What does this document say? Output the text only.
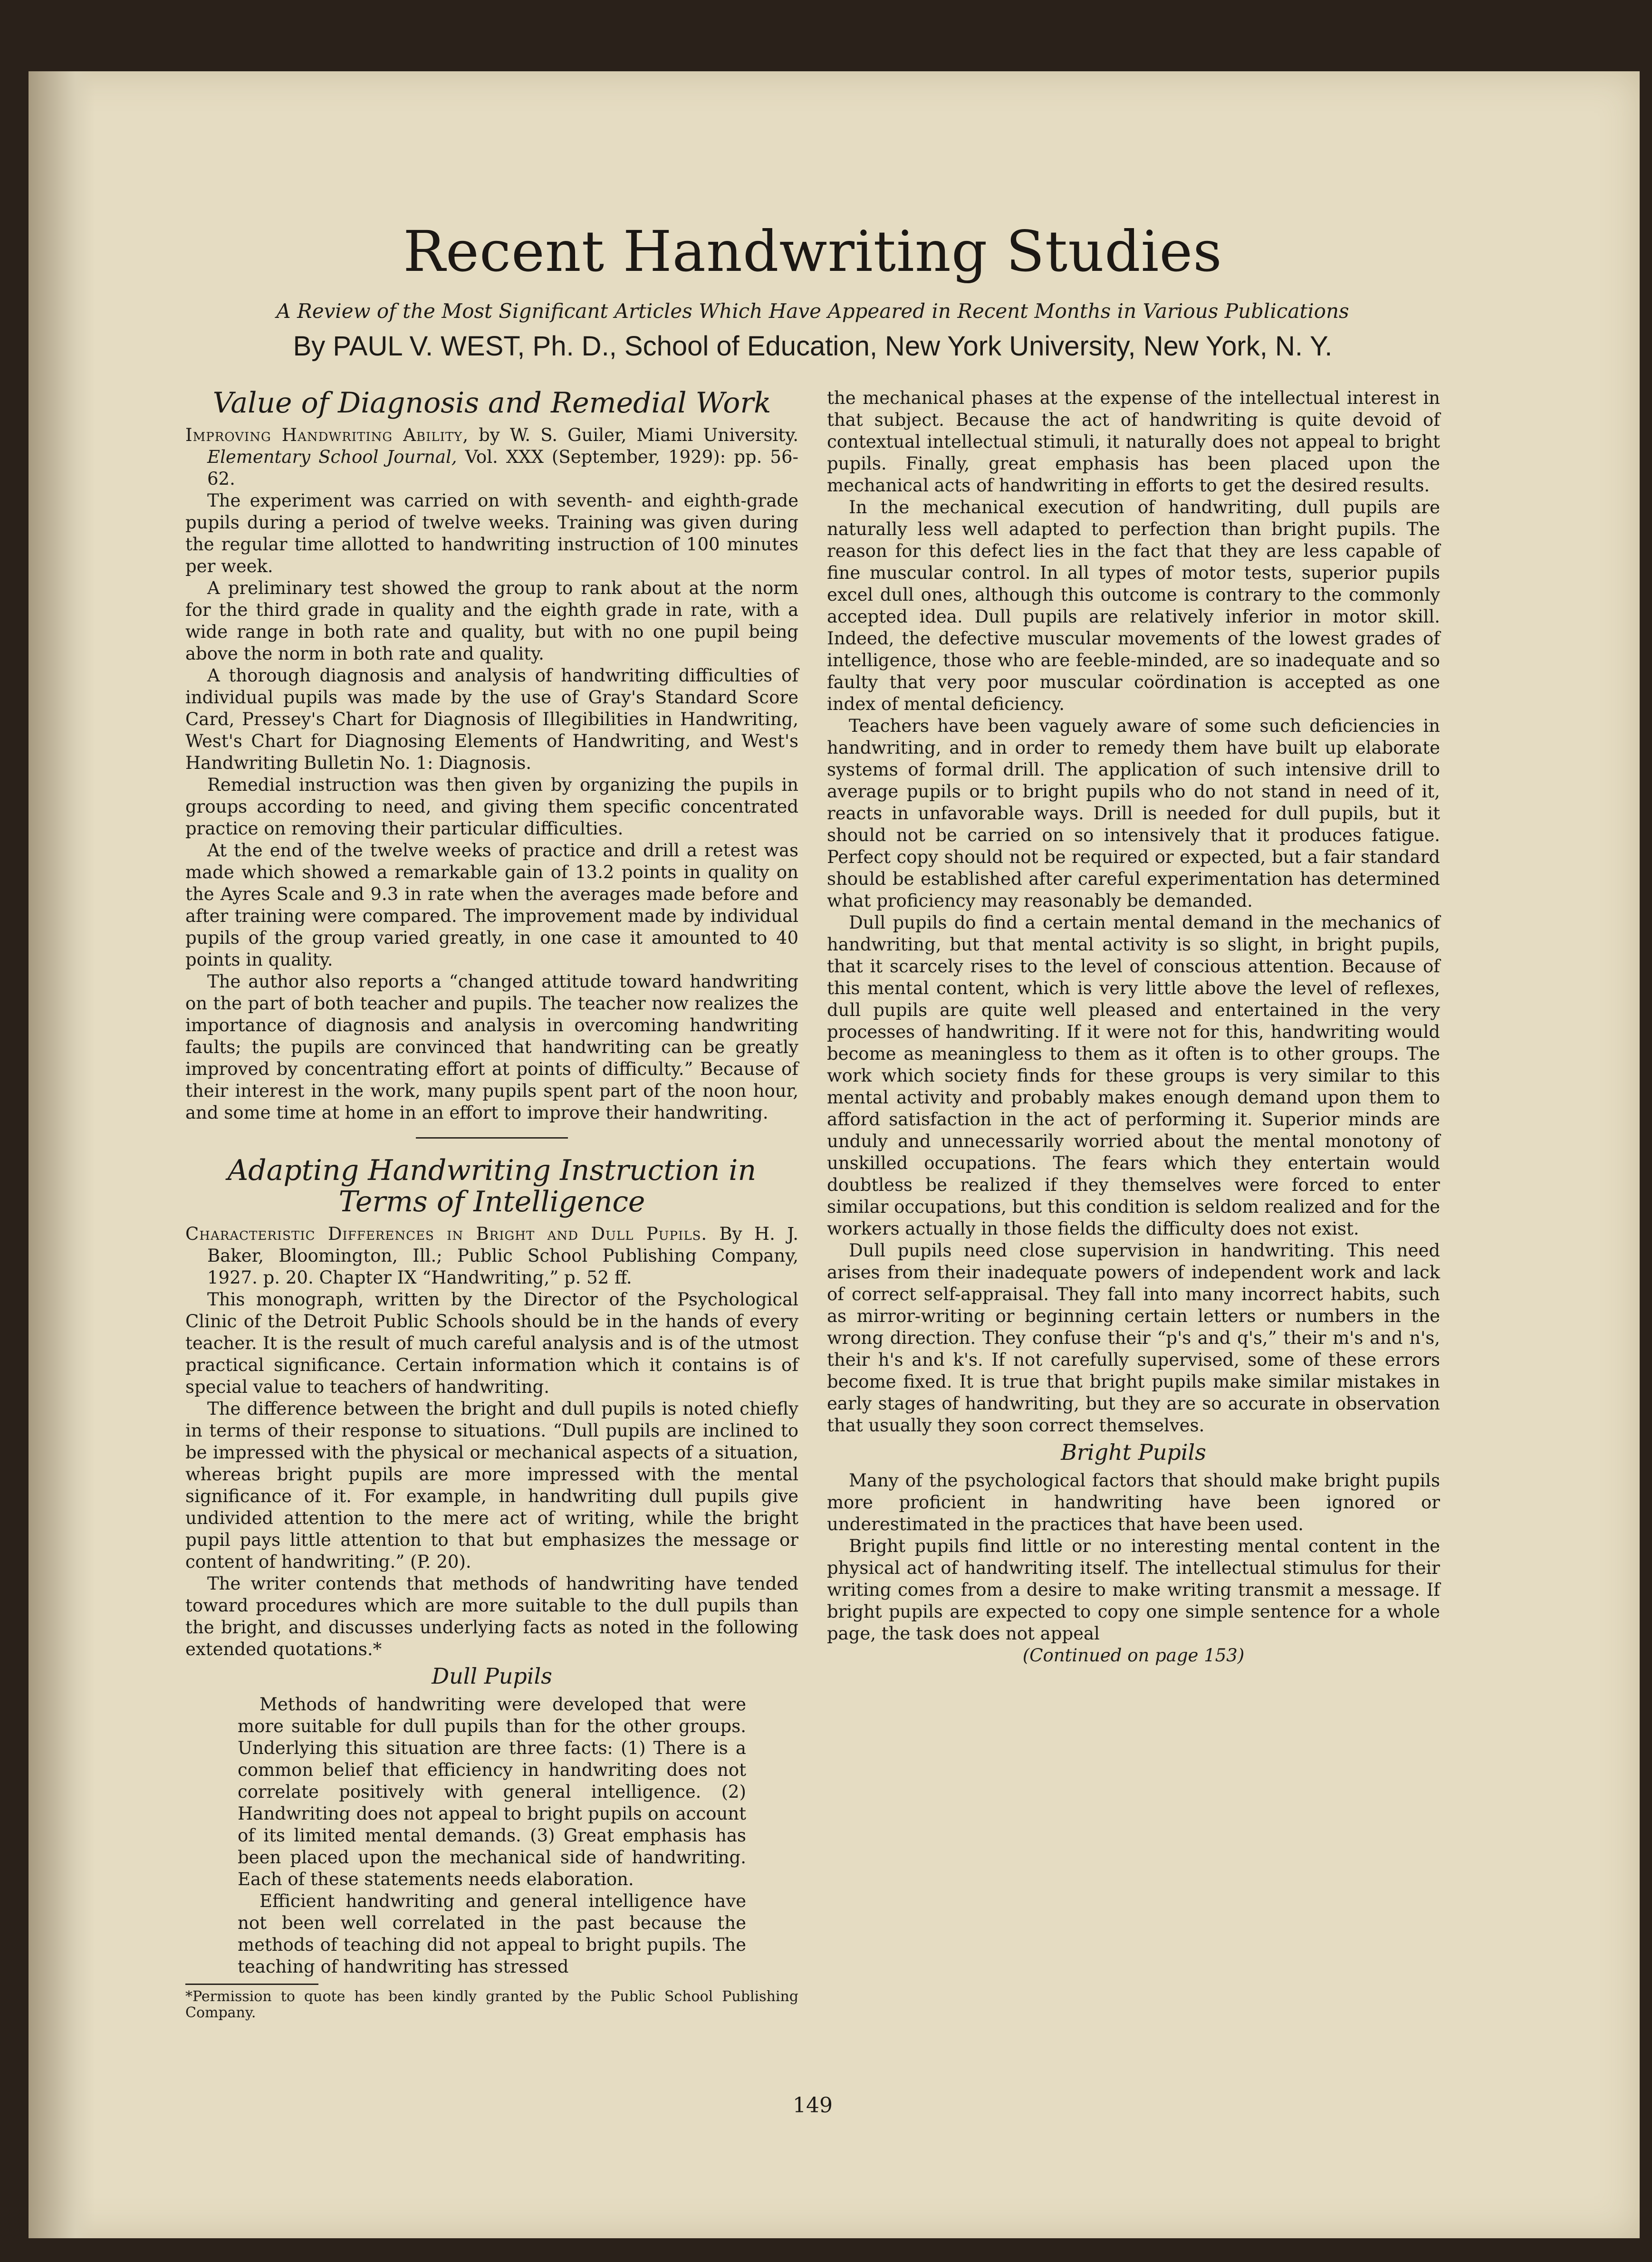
Recent Handwriting Studies

A Review of the Most Significant Articles Which Have Appeared in Recent Months in Various Publications

By PAUL V. WEST, Ph. D., School of Education, New York University, New York, N. Y.

Value of Diagnosis and Remedial Work

Improving Handwriting Ability, by W. S. Guiler, Miami University. Elementary School Journal, Vol. XXX (September, 1929): pp. 56-62.

The experiment was carried on with seventh- and eighth-grade pupils during a period of twelve weeks. Training was given during the regular time allotted to handwriting instruction of 100 minutes per week.

A preliminary test showed the group to rank about at the norm for the third grade in quality and the eighth grade in rate, with a wide range in both rate and quality, but with no one pupil being above the norm in both rate and quality.

A thorough diagnosis and analysis of handwriting difficulties of individual pupils was made by the use of Gray's Standard Score Card, Pressey's Chart for Diagnosis of Illegibilities in Handwriting, West's Chart for Diagnosing Elements of Handwriting, and West's Handwriting Bulletin No. 1: Diagnosis.

Remedial instruction was then given by organizing the pupils in groups according to need, and giving them specific concentrated practice on removing their particular difficulties.

At the end of the twelve weeks of practice and drill a retest was made which showed a remarkable gain of 13.2 points in quality on the Ayres Scale and 9.3 in rate when the averages made before and after training were compared. The improvement made by individual pupils of the group varied greatly, in one case it amounted to 40 points in quality.

The author also reports a “changed attitude toward handwriting on the part of both teacher and pupils. The teacher now realizes the importance of diagnosis and analysis in overcoming handwriting faults; the pupils are convinced that handwriting can be greatly improved by concentrating effort at points of difficulty.” Because of their interest in the work, many pupils spent part of the noon hour, and some time at home in an effort to improve their handwriting.

Adapting Handwriting Instruction in Terms of Intelligence

Characteristic Differences in Bright and Dull Pupils. By H. J. Baker, Bloomington, Ill.; Public School Publishing Company, 1927. p. 20. Chapter IX “Handwriting,” p. 52 ff.

This monograph, written by the Director of the Psychological Clinic of the Detroit Public Schools should be in the hands of every teacher. It is the result of much careful analysis and is of the utmost practical significance. Certain information which it contains is of special value to teachers of handwriting.

The difference between the bright and dull pupils is noted chiefly in terms of their response to situations. “Dull pupils are inclined to be impressed with the physical or mechanical aspects of a situation, whereas bright pupils are more impressed with the mental significance of it. For example, in handwriting dull pupils give undivided attention to the mere act of writing, while the bright pupil pays little attention to that but emphasizes the message or content of handwriting.” (P. 20).

The writer contends that methods of handwriting have tended toward procedures which are more suitable to the dull pupils than the bright, and discusses underlying facts as noted in the following extended quotations.*

Dull Pupils

Methods of handwriting were developed that were more suitable for dull pupils than for the other groups. Underlying this situation are three facts: (1) There is a common belief that efficiency in handwriting does not correlate positively with general intelligence. (2) Handwriting does not appeal to bright pupils on account of its limited mental demands. (3) Great emphasis has been placed upon the mechanical side of handwriting. Each of these statements needs elaboration.

Efficient handwriting and general intelligence have not been well correlated in the past because the methods of teaching did not appeal to bright pupils. The teaching of handwriting has stressed

*Permission to quote has been kindly granted by the Public School Publishing Company.

the mechanical phases at the expense of the intellectual interest in that subject. Because the act of handwriting is quite devoid of contextual intellectual stimuli, it naturally does not appeal to bright pupils. Finally, great emphasis has been placed upon the mechanical acts of handwriting in efforts to get the desired results.

In the mechanical execution of handwriting, dull pupils are naturally less well adapted to perfection than bright pupils. The reason for this defect lies in the fact that they are less capable of fine muscular control. In all types of motor tests, superior pupils excel dull ones, although this outcome is contrary to the commonly accepted idea. Dull pupils are relatively inferior in motor skill. Indeed, the defective muscular movements of the lowest grades of intelligence, those who are feeble-minded, are so inadequate and so faulty that very poor muscular coördination is accepted as one index of mental deficiency.

Teachers have been vaguely aware of some such deficiencies in handwriting, and in order to remedy them have built up elaborate systems of formal drill. The application of such intensive drill to average pupils or to bright pupils who do not stand in need of it, reacts in unfavorable ways. Drill is needed for dull pupils, but it should not be carried on so intensively that it produces fatigue. Perfect copy should not be required or expected, but a fair standard should be established after careful experimentation has determined what proficiency may reasonably be demanded.

Dull pupils do find a certain mental demand in the mechanics of handwriting, but that mental activity is so slight, in bright pupils, that it scarcely rises to the level of conscious attention. Because of this mental content, which is very little above the level of reflexes, dull pupils are quite well pleased and entertained in the very processes of handwriting. If it were not for this, handwriting would become as meaningless to them as it often is to other groups. The work which society finds for these groups is very similar to this mental activity and probably makes enough demand upon them to afford satisfaction in the act of performing it. Superior minds are unduly and unnecessarily worried about the mental monotony of unskilled occupations. The fears which they entertain would doubtless be realized if they themselves were forced to enter similar occupations, but this condition is seldom realized and for the workers actually in those fields the difficulty does not exist.

Dull pupils need close supervision in handwriting. This need arises from their inadequate powers of independent work and lack of correct self-appraisal. They fall into many incorrect habits, such as mirror-writing or beginning certain letters or numbers in the wrong direction. They confuse their “p's and q's,” their m's and n's, their h's and k's. If not carefully supervised, some of these errors become fixed. It is true that bright pupils make similar mistakes in early stages of handwriting, but they are so accurate in observation that usually they soon correct themselves.

Bright Pupils

Many of the psychological factors that should make bright pupils more proficient in handwriting have been ignored or underestimated in the practices that have been used.

Bright pupils find little or no interesting mental content in the physical act of handwriting itself. The intellectual stimulus for their writing comes from a desire to make writing transmit a message. If bright pupils are expected to copy one simple sentence for a whole page, the task does not appeal

(Continued on page 153)

149
